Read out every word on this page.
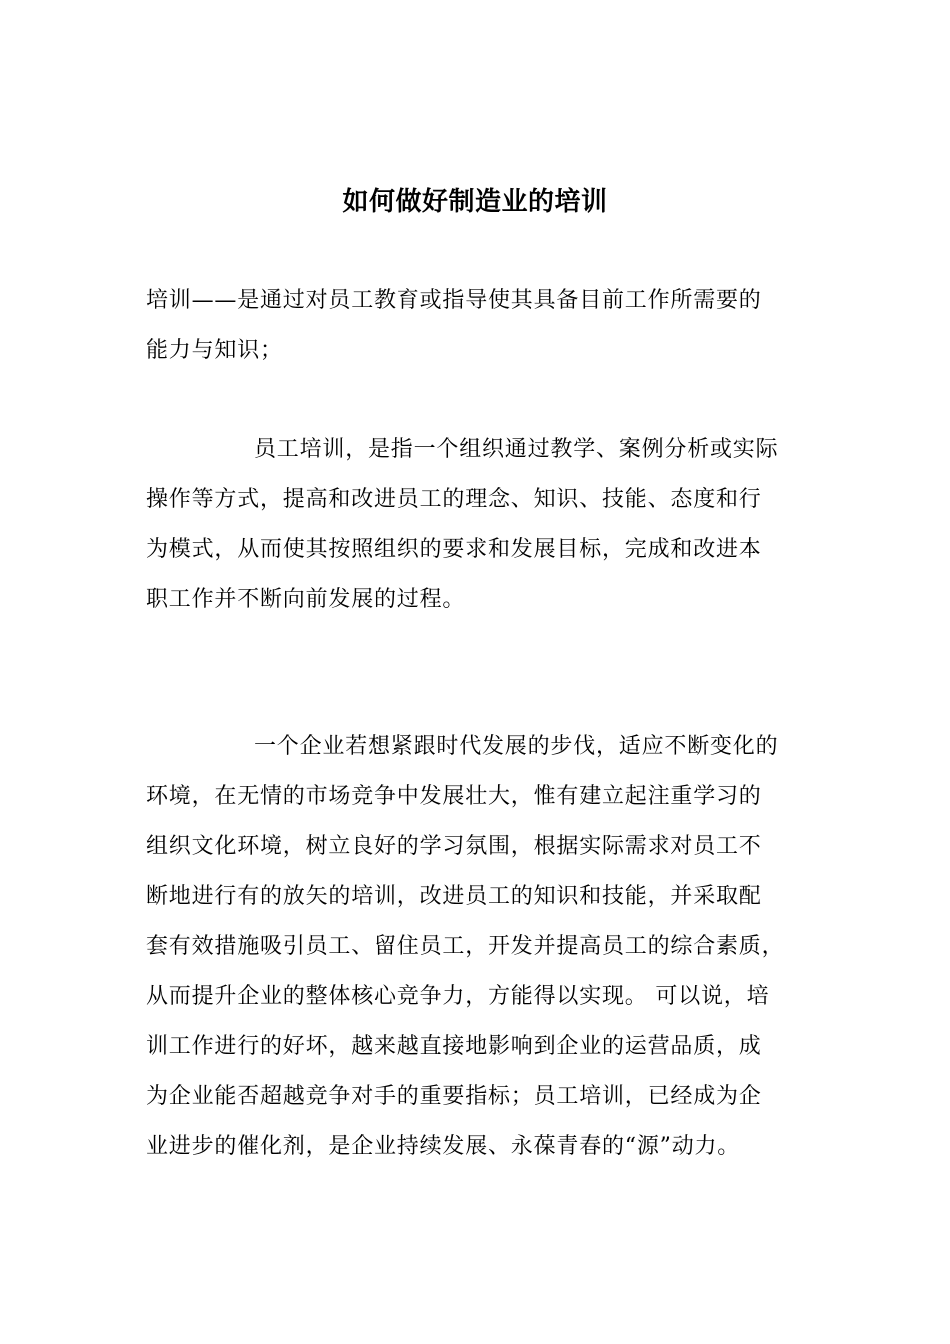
如何做好制造业的培训
培训——是通过对员工教育或指导使其具备目前工作所需要的
能力与知识；
员工培训，是指一个组织通过教学、案例分析或实际
操作等方式，提高和改进员工的理念、知识、技能、态度和行
为模式，从而使其按照组织的要求和发展目标，完成和改进本
职工作并不断向前发展的过程。
一个企业若想紧跟时代发展的步伐，适应不断变化的
环境，在无情的市场竞争中发展壮大，惟有建立起注重学习的
组织文化环境，树立良好的学习氛围，根据实际需求对员工不
断地进行有的放矢的培训，改进员工的知识和技能，并采取配
套有效措施吸引员工、留住员工，开发并提高员工的综合素质，
从而提升企业的整体核心竞争力，方能得以实现。 可以说，培
训工作进行的好坏，越来越直接地影响到企业的运营品质，成
为企业能否超越竞争对手的重要指标；员工培训，已经成为企
业进步的催化剂，是企业持续发展、永葆青春的“源”动力。
